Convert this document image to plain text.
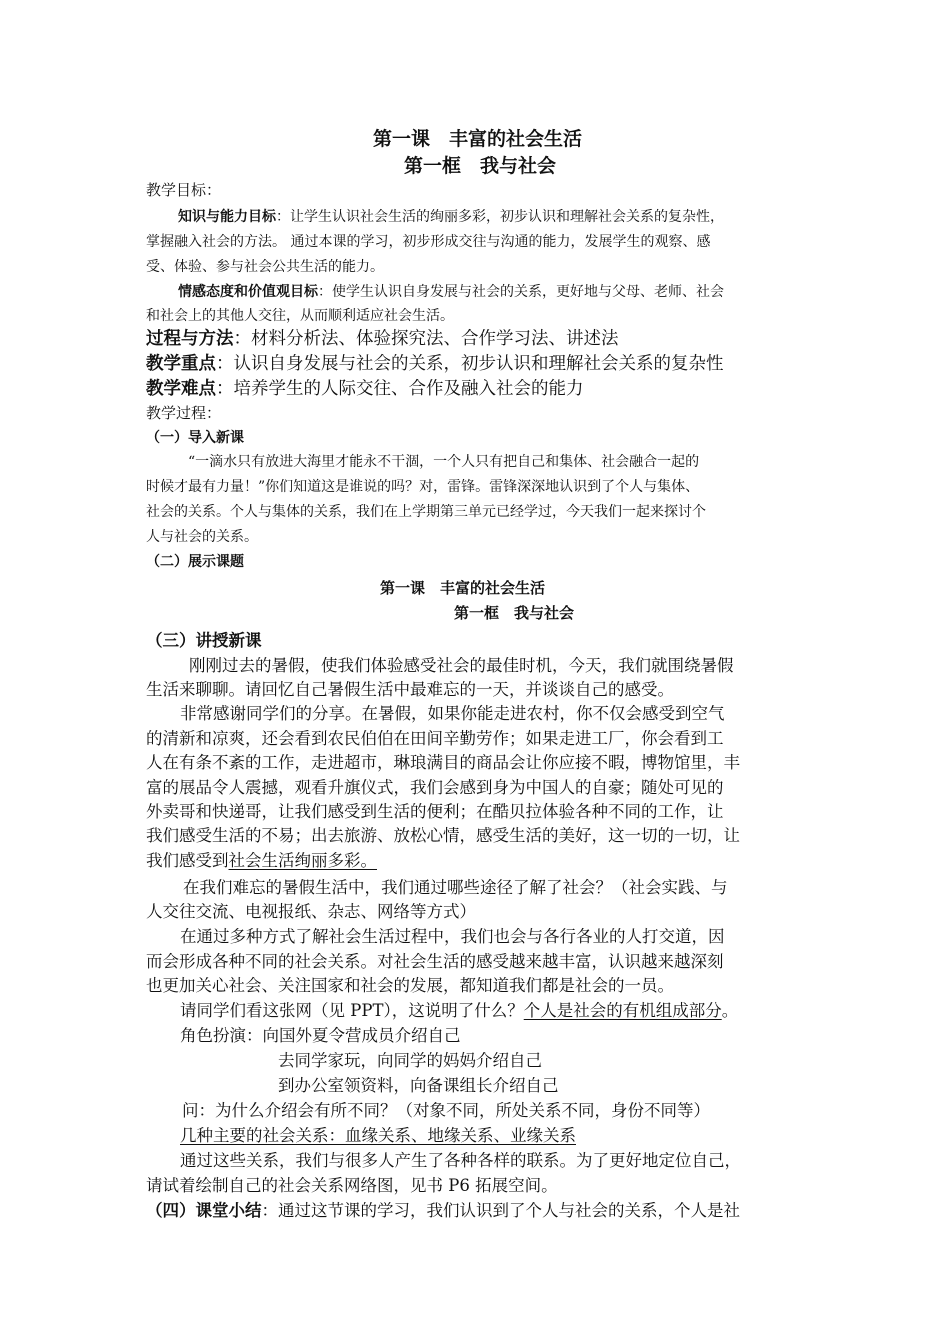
第一课　丰富的社会生活
第一框　我与社会
教学目标：
知识与能力目标：让学生认识社会生活的绚丽多彩，初步认识和理解社会关系的复杂性，
掌握融入社会的方法。 通过本课的学习，初步形成交往与沟通的能力，发展学生的观察、感
受、体验、参与社会公共生活的能力。
情感态度和价值观目标：使学生认识自身发展与社会的关系，更好地与父母、老师、社会
和社会上的其他人交往，从而顺利适应社会生活。
过程与方法：材料分析法、体验探究法、合作学习法、讲述法
教学重点：认识自身发展与社会的关系，初步认识和理解社会关系的复杂性
教学难点：培养学生的人际交往、合作及融入社会的能力
教学过程：
（一）导入新课
“一滴水只有放进大海里才能永不干涸，一个人只有把自己和集体、社会融合一起的
时候才最有力量！”你们知道这是谁说的吗？对，雷锋。雷锋深深地认识到了个人与集体、
社会的关系。个人与集体的关系，我们在上学期第三单元已经学过，今天我们一起来探讨个
人与社会的关系。
（二）展示课题
第一课　丰富的社会生活
第一框　我与社会
（三）讲授新课
刚刚过去的暑假，使我们体验感受社会的最佳时机，今天，我们就围绕暑假
生活来聊聊。请回忆自己暑假生活中最难忘的一天，并谈谈自己的感受。
非常感谢同学们的分享。在暑假，如果你能走进农村，你不仅会感受到空气
的清新和凉爽，还会看到农民伯伯在田间辛勤劳作；如果走进工厂，你会看到工
人在有条不紊的工作，走进超市，琳琅满目的商品会让你应接不暇，博物馆里，丰
富的展品令人震撼，观看升旗仪式，我们会感到身为中国人的自豪；随处可见的
外卖哥和快递哥，让我们感受到生活的便利；在酷贝拉体验各种不同的工作，让
我们感受生活的不易；出去旅游、放松心情，感受生活的美好，这一切的一切，让
我们感受到社会生活绚丽多彩。
在我们难忘的暑假生活中，我们通过哪些途径了解了社会？（社会实践、与
人交往交流、电视报纸、杂志、网络等方式）
在通过多种方式了解社会生活过程中，我们也会与各行各业的人打交道，因
而会形成各种不同的社会关系。对社会生活的感受越来越丰富，认识越来越深刻
也更加关心社会、关注国家和社会的发展，都知道我们都是社会的一员。
请同学们看这张网（见 PPT），这说明了什么？个人是社会的有机组成部分。
角色扮演：向国外夏令营成员介绍自己
去同学家玩，向同学的妈妈介绍自己
到办公室领资料，向备课组长介绍自己
问：为什么介绍会有所不同？（对象不同，所处关系不同，身份不同等）
几种主要的社会关系：血缘关系、地缘关系、业缘关系
通过这些关系，我们与很多人产生了各种各样的联系。为了更好地定位自己，
请试着绘制自己的社会关系网络图，见书 P6 拓展空间。
（四）课堂小结：通过这节课的学习，我们认识到了个人与社会的关系，个人是社
